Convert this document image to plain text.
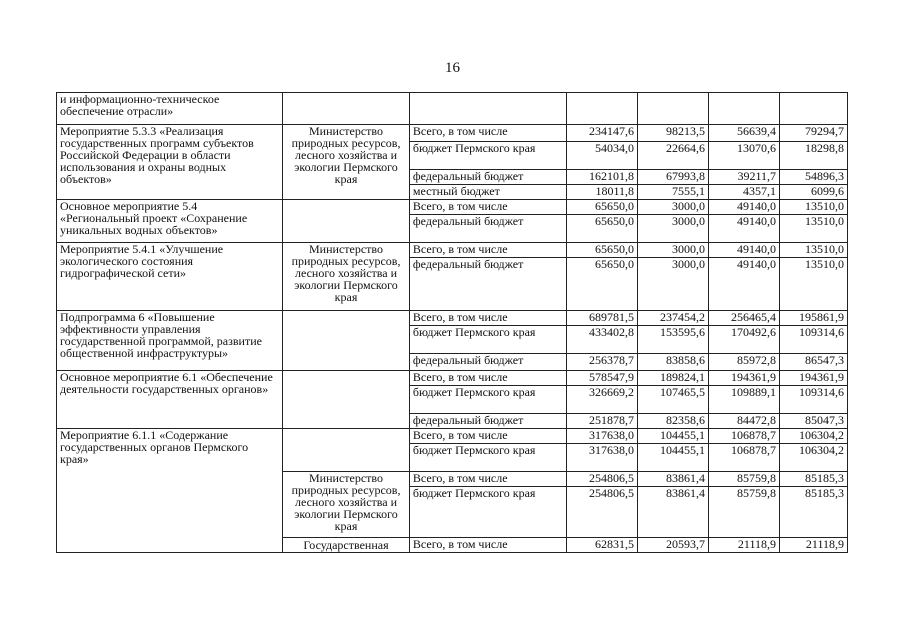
16
и информационно-техническое обеспечение отрасли»						
Мероприятие 5.3.3 «Реализация государственных программ субъектов Российской Федерации в области использования и охраны водных объектов»	Министерство природных ресурсов, лесного хозяйства и экологии Пермского края	Всего, в том числе	234147,6	98213,5	56639,4	79294,7
		бюджет Пермского края	54034,0	22664,6	13070,6	18298,8
		федеральный бюджет	162101,8	67993,8	39211,7	54896,3
		местный бюджет	18011,8	7555,1	4357,1	6099,6
Основное мероприятие 5.4 «Региональный проект «Сохранение уникальных водных объектов»		Всего, в том числе	65650,0	3000,0	49140,0	13510,0
		федеральный бюджет	65650,0	3000,0	49140,0	13510,0
Мероприятие 5.4.1 «Улучшение экологического состояния гидрографической сети»	Министерство природных ресурсов, лесного хозяйства и экологии Пермского края	Всего, в том числе	65650,0	3000,0	49140,0	13510,0
		федеральный бюджет	65650,0	3000,0	49140,0	13510,0
Подпрограмма 6 «Повышение эффективности управления государственной программой, развитие общественной инфраструктуры»		Всего, в том числе	689781,5	237454,2	256465,4	195861,9
		бюджет Пермского края	433402,8	153595,6	170492,6	109314,6
		федеральный бюджет	256378,7	83858,6	85972,8	86547,3
Основное мероприятие 6.1 «Обеспечение деятельности государственных органов»		Всего, в том числе	578547,9	189824,1	194361,9	194361,9
		бюджет Пермского края	326669,2	107465,5	109889,1	109314,6
		федеральный бюджет	251878,7	82358,6	84472,8	85047,3
Мероприятие 6.1.1 «Содержание государственных органов Пермского края»		Всего, в том числе	317638,0	104455,1	106878,7	106304,2
		бюджет Пермского края	317638,0	104455,1	106878,7	106304,2
	Министерство природных ресурсов, лесного хозяйства и экологии Пермского края	Всего, в том числе	254806,5	83861,4	85759,8	85185,3
		бюджет Пермского края	254806,5	83861,4	85759,8	85185,3
	Государственная	Всего, в том числе	62831,5	20593,7	21118,9	21118,9
